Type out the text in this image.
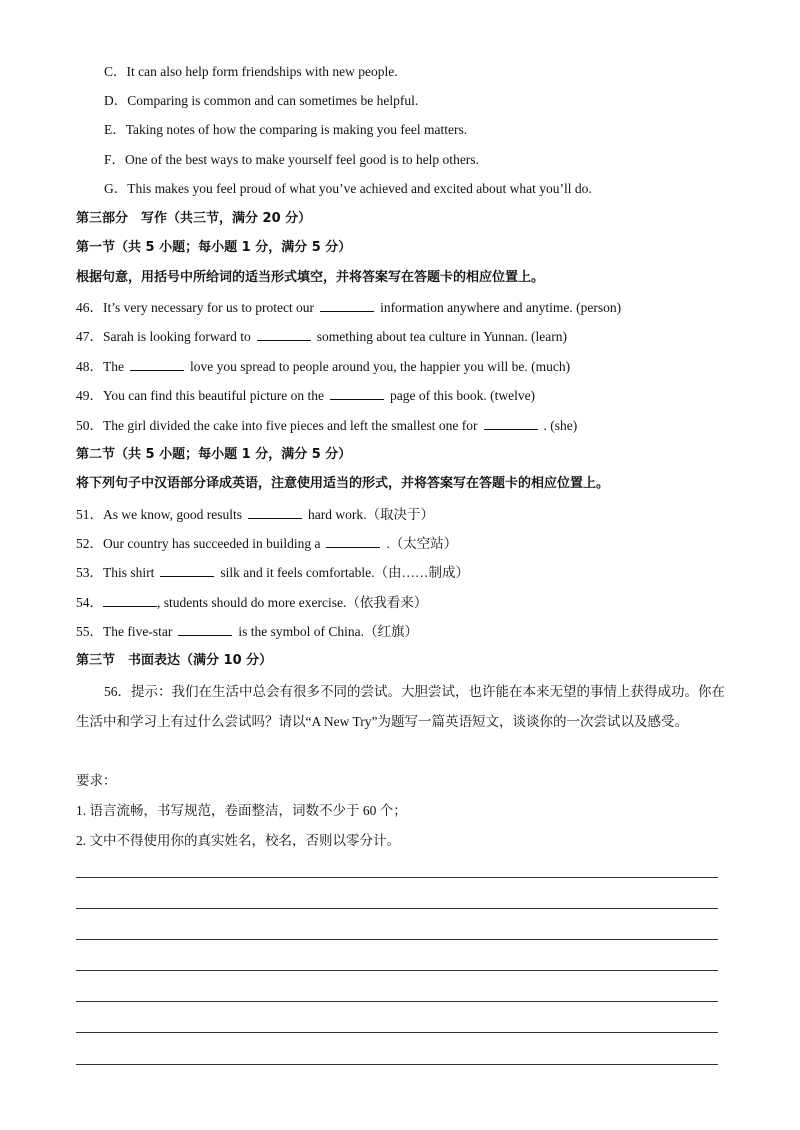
C．It can also help form friendships with new people.
D．Comparing is common and can sometimes be helpful.
E．Taking notes of how the comparing is making you feel matters.
F．One of the best ways to make yourself feel good is to help others.
G．This makes you feel proud of what you’ve achieved and excited about what you’ll do.
第三部分　写作（共三节，满分 20 分）
第一节（共 5 小题；每小题 1 分，满分 5 分）
根据句意，用括号中所给词的适当形式填空，并将答案写在答题卡的相应位置上。
46．It’s very necessary for us to protect our	information anywhere and anytime. (person)
47．Sarah is looking forward to	something about tea culture in Yunnan. (learn)
48．The	love you spread to people around you, the happier you will be. (much)
49．You can find this beautiful picture on the	page of this book. (twelve)
50．The girl divided the cake into five pieces and left the smallest one for	. (she)
第二节（共 5 小题；每小题 1 分，满分 5 分）
将下列句子中汉语部分译成英语，注意使用适当的形式，并将答案写在答题卡的相应位置上。
51．As we know, good results	hard work.（取决于）
52．Our country has succeeded in building a	.（太空站）
53．This shirt	silk and it feels comfortable.（由……制成）
54．	, students should do more exercise.（依我看来）
55．The five-star	is the symbol of China.（红旗）
第三节　书面表达（满分 10 分）
56．提示：我们在生活中总会有很多不同的尝试。大胆尝试，也许能在本来无望的事情上获得成功。你在生活中和学习上有过什么尝试吗？请以“A New Try”为题写一篇英语短文，谈谈你的一次尝试以及感受。
要求：
1. 语言流畅，书写规范，卷面整洁，词数不少于 60 个；
2. 文中不得使用你的真实姓名，校名，否则以零分计。
